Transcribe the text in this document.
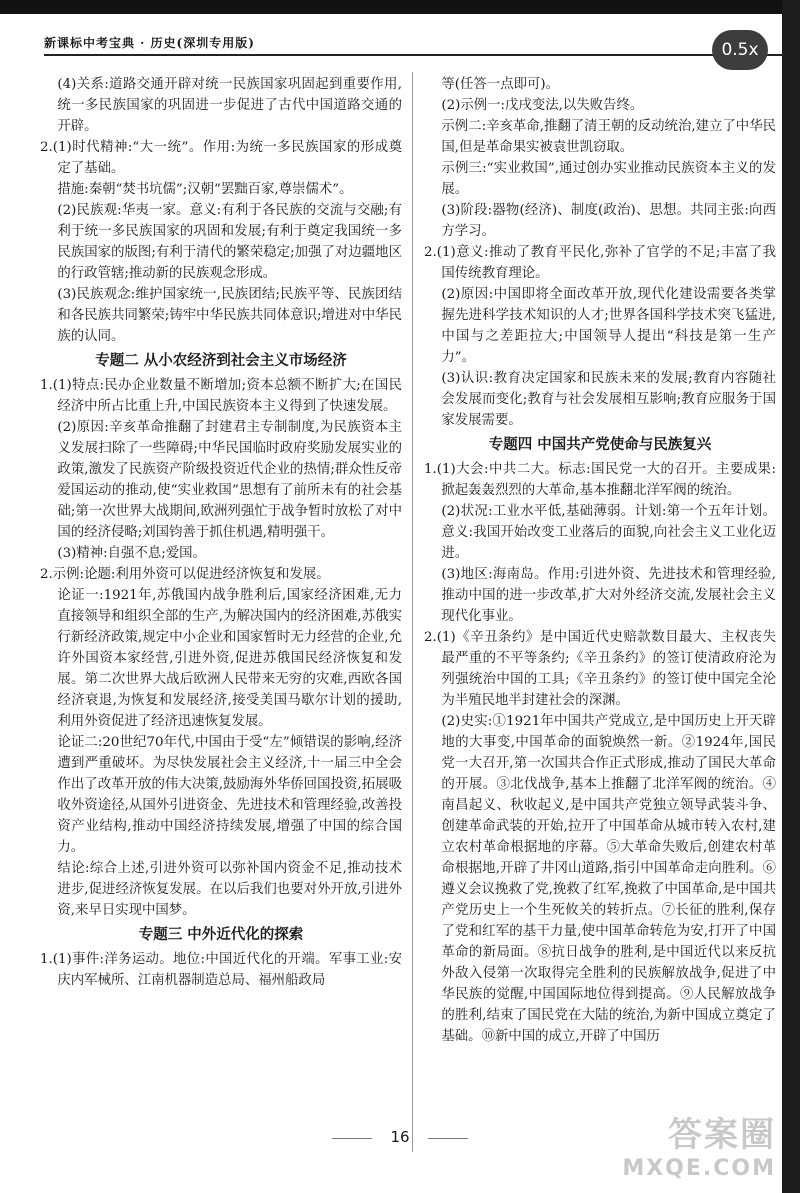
新课标中考宝典 · 历史(深圳专用版)	0.5x

(4)关系:道路交通开辟对统一民族国家巩固起到重要作用,统一多民族国家的巩固进一步促进了古代中国道路交通的开辟。

2.(1)时代精神:“大一统”。作用:为统一多民族国家的形成奠定了基础。

措施:秦朝“焚书坑儒”;汉朝“罢黜百家,尊崇儒术”。

(2)民族观:华夷一家。意义:有利于各民族的交流与交融;有利于统一多民族国家的巩固和发展;有利于奠定我国统一多民族国家的版图;有利于清代的繁荣稳定;加强了对边疆地区的行政管辖;推动新的民族观念形成。

(3)民族观念:维护国家统一,民族团结;民族平等、民族团结和各民族共同繁荣;铸牢中华民族共同体意识;增进对中华民族的认同。

专题二 从小农经济到社会主义市场经济

1.(1)特点:民办企业数量不断增加;资本总额不断扩大;在国民经济中所占比重上升,中国民族资本主义得到了快速发展。

(2)原因:辛亥革命推翻了封建君主专制制度,为民族资本主义发展扫除了一些障碍;中华民国临时政府奖励发展实业的政策,激发了民族资产阶级投资近代企业的热情;群众性反帝爱国运动的推动,使“实业救国”思想有了前所未有的社会基础;第一次世界大战期间,欧洲列强忙于战争暂时放松了对中国的经济侵略;刘国钧善于抓住机遇,精明强干。

(3)精神:自强不息;爱国。

2.示例:论题:利用外资可以促进经济恢复和发展。

论证一:1921年,苏俄国内战争胜利后,国家经济困难,无力直接领导和组织全部的生产,为解决国内的经济困难,苏俄实行新经济政策,规定中小企业和国家暂时无力经营的企业,允许外国资本家经营,引进外资,促进苏俄国民经济恢复和发展。第二次世界大战后欧洲人民带来无穷的灾难,西欧各国经济衰退,为恢复和发展经济,接受美国马歇尔计划的援助,利用外资促进了经济迅速恢复发展。

论证二:20世纪70年代,中国由于受“左”倾错误的影响,经济遭到严重破坏。为尽快发展社会主义经济,十一届三中全会作出了改革开放的伟大决策,鼓励海外华侨回国投资,拓展吸收外资途径,从国外引进资金、先进技术和管理经验,改善投资产业结构,推动中国经济持续发展,增强了中国的综合国力。

结论:综合上述,引进外资可以弥补国内资金不足,推动技术进步,促进经济恢复发展。在以后我们也要对外开放,引进外资,来早日实现中国梦。

专题三 中外近代化的探索

1.(1)事件:洋务运动。地位:中国近代化的开端。军事工业:安庆内军械所、江南机器制造总局、福州船政局

等(任答一点即可)。

(2)示例一:戊戌变法,以失败告终。

示例二:辛亥革命,推翻了清王朝的反动统治,建立了中华民国,但是革命果实被袁世凯窃取。

示例三:“实业救国”,通过创办实业推动民族资本主义的发展。

(3)阶段:器物(经济)、制度(政治)、思想。共同主张:向西方学习。

2.(1)意义:推动了教育平民化,弥补了官学的不足;丰富了我国传统教育理论。

(2)原因:中国即将全面改革开放,现代化建设需要各类掌握先进科学技术知识的人才;世界各国科学技术突飞猛进,中国与之差距拉大;中国领导人提出“科技是第一生产力”。

(3)认识:教育决定国家和民族未来的发展;教育内容随社会发展而变化;教育与社会发展相互影响;教育应服务于国家发展需要。

专题四 中国共产党使命与民族复兴

1.(1)大会:中共二大。标志:国民党一大的召开。主要成果:掀起轰轰烈烈的大革命,基本推翻北洋军阀的统治。

(2)状况:工业水平低,基础薄弱。计划:第一个五年计划。意义:我国开始改变工业落后的面貌,向社会主义工业化迈进。

(3)地区:海南岛。作用:引进外资、先进技术和管理经验,推动中国的进一步改革,扩大对外经济交流,发展社会主义现代化事业。

2.(1)《辛丑条约》是中国近代史赔款数目最大、主权丧失最严重的不平等条约;《辛丑条约》的签订使清政府沦为列强统治中国的工具;《辛丑条约》的签订使中国完全沦为半殖民地半封建社会的深渊。

(2)史实:①1921年中国共产党成立,是中国历史上开天辟地的大事变,中国革命的面貌焕然一新。②1924年,国民党一大召开,第一次国共合作正式形成,推动了国民大革命的开展。③北伐战争,基本上推翻了北洋军阀的统治。④南昌起义、秋收起义,是中国共产党独立领导武装斗争、创建革命武装的开始,拉开了中国革命从城市转入农村,建立农村革命根据地的序幕。⑤大革命失败后,创建农村革命根据地,开辟了井冈山道路,指引中国革命走向胜利。⑥遵义会议挽救了党,挽救了红军,挽救了中国革命,是中国共产党历史上一个生死攸关的转折点。⑦长征的胜利,保存了党和红军的基干力量,使中国革命转危为安,打开了中国革命的新局面。⑧抗日战争的胜利,是中国近代以来反抗外敌入侵第一次取得完全胜利的民族解放战争,促进了中华民族的觉醒,中国国际地位得到提高。⑨人民解放战争的胜利,结束了国民党在大陆的统治,为新中国成立奠定了基础。⑩新中国的成立,开辟了中国历

16	答案圈
MXQE.COM
